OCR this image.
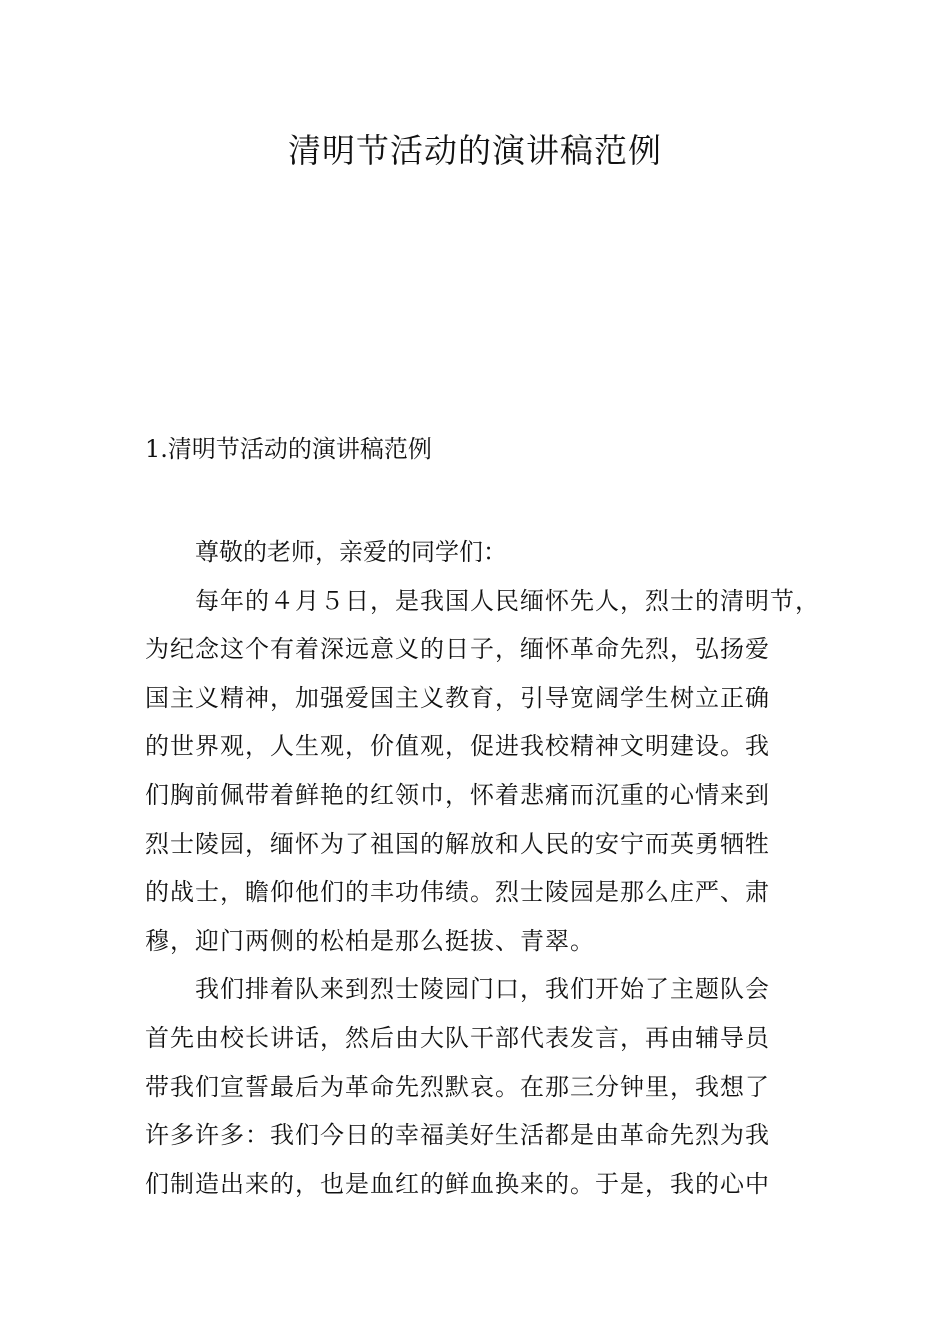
清明节活动的演讲稿范例
1.清明节活动的演讲稿范例

尊敬的老师，亲爱的同学们：

每年的４月５日，是我国人民缅怀先人，烈士的清明节，
为纪念这个有着深远意义的日子，缅怀革命先烈，弘扬爱
国主义精神，加强爱国主义教育，引导宽阔学生树立正确
的世界观，人生观，价值观，促进我校精神文明建设。我
们胸前佩带着鲜艳的红领巾，怀着悲痛而沉重的心情来到
烈士陵园，缅怀为了祖国的解放和人民的安宁而英勇牺牲
的战士，瞻仰他们的丰功伟绩。烈士陵园是那么庄严、肃
穆，迎门两侧的松柏是那么挺拔、青翠。

我们排着队来到烈士陵园门口，我们开始了主题队会
首先由校长讲话，然后由大队干部代表发言，再由辅导员
带我们宣誓最后为革命先烈默哀。在那三分钟里，我想了
许多许多：我们今日的幸福美好生活都是由革命先烈为我
们制造出来的，也是血红的鲜血换来的。于是，我的心中
